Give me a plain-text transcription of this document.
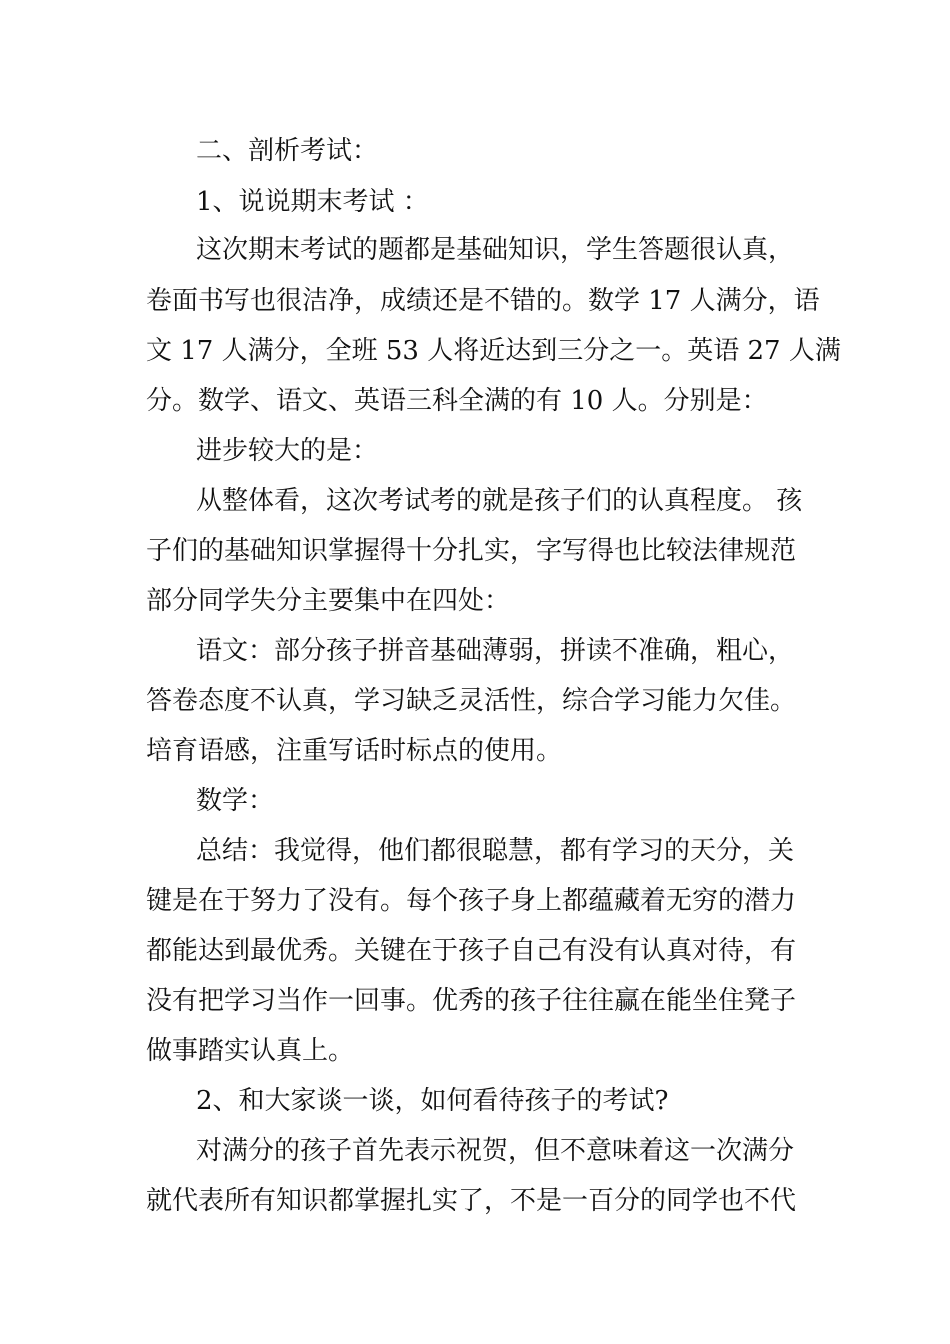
二、剖析考试：
1、说说期末考试 ：
这次期末考试的题都是基础知识，学生答题很认真，
卷面书写也很洁净，成绩还是不错的。数学 17 人满分，语
文 17 人满分，全班 53 人将近达到三分之一。英语 27 人满
分。数学、语文、英语三科全满的有 10 人。分别是：
进步较大的是：
从整体看，这次考试考的就是孩子们的认真程度。 孩
子们的基础知识掌握得十分扎实，字写得也比较法律规范
部分同学失分主要集中在四处：
语文：部分孩子拼音基础薄弱，拼读不准确，粗心，
答卷态度不认真，学习缺乏灵活性，综合学习能力欠佳。
培育语感，注重写话时标点的使用。
数学：
总结：我觉得，他们都很聪慧，都有学习的天分，关
键是在于努力了没有。每个孩子身上都蕴藏着无穷的潜力
都能达到最优秀。关键在于孩子自己有没有认真对待，有
没有把学习当作一回事。优秀的孩子往往赢在能坐住凳子
做事踏实认真上。
2、和大家谈一谈，如何看待孩子的考试?
对满分的孩子首先表示祝贺，但不意味着这一次满分
就代表所有知识都掌握扎实了，不是一百分的同学也不代
